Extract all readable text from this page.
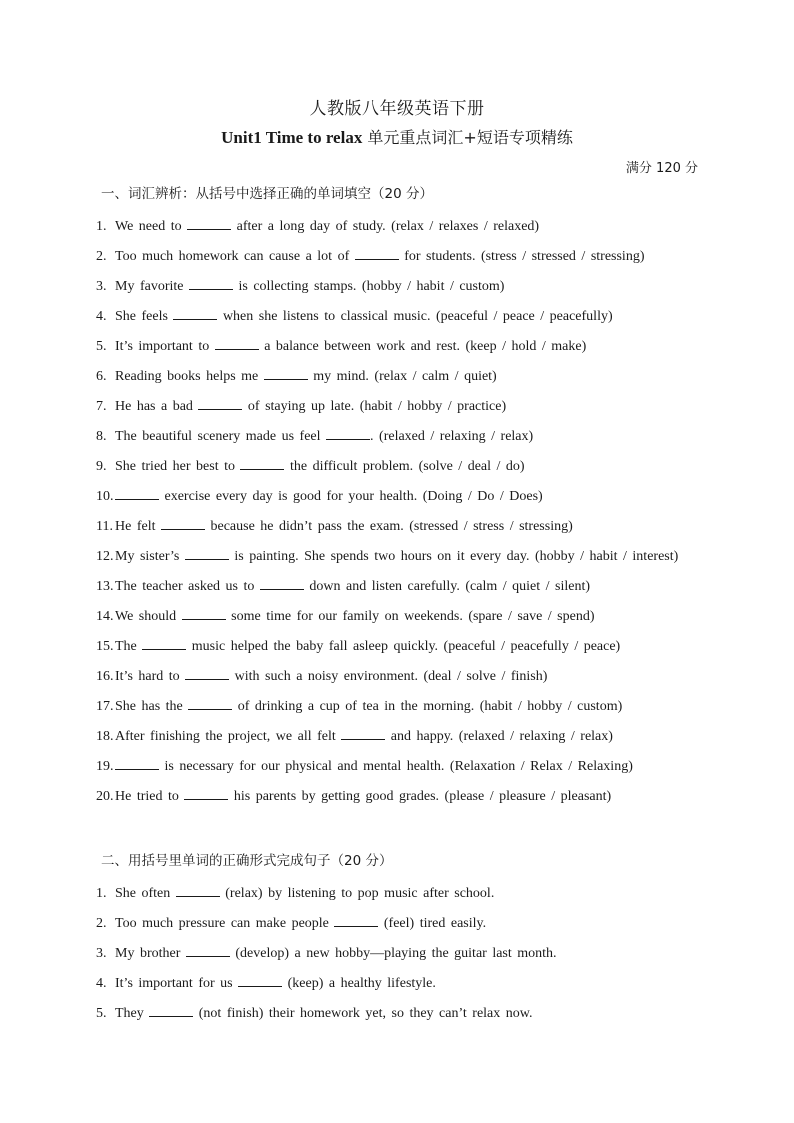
人教版八年级英语下册
Unit1 Time to relax 单元重点词汇+短语专项精练
满分 120 分
一、词汇辨析：从括号中选择正确的单词填空（20 分）
1. We need to	after a long day of study. (relax / relaxes / relaxed)
2. Too much homework can cause a lot of	for students. (stress / stressed / stressing)
3. My favorite	is collecting stamps. (hobby / habit / custom)
4. She feels	when she listens to classical music. (peaceful / peace / peacefully)
5. It’s important to	a balance between work and rest. (keep / hold / make)
6. Reading books helps me	my mind. (relax / calm / quiet)
7. He has a bad	of staying up late. (habit / hobby / practice)
8. The beautiful scenery made us feel	. (relaxed / relaxing / relax)
9. She tried her best to	the difficult problem. (solve / deal / do)
10.	exercise every day is good for your health. (Doing / Do / Does)
11. He felt	because he didn’t pass the exam. (stressed / stress / stressing)
12. My sister’s	is painting. She spends two hours on it every day. (hobby / habit / interest)
13. The teacher asked us to	down and listen carefully. (calm / quiet / silent)
14. We should	some time for our family on weekends. (spare / save / spend)
15. The	music helped the baby fall asleep quickly. (peaceful / peacefully / peace)
16. It’s hard to	with such a noisy environment. (deal / solve / finish)
17. She has the	of drinking a cup of tea in the morning. (habit / hobby / custom)
18. After finishing the project, we all felt	and happy. (relaxed / relaxing / relax)
19.	is necessary for our physical and mental health. (Relaxation / Relax / Relaxing)
20. He tried to	his parents by getting good grades. (please / pleasure / pleasant)
二、用括号里单词的正确形式完成句子（20 分）
1. She often	(relax) by listening to pop music after school.
2. Too much pressure can make people	(feel) tired easily.
3. My brother	(develop) a new hobby—playing the guitar last month.
4. It’s important for us	(keep) a healthy lifestyle.
5. They	(not finish) their homework yet, so they can’t relax now.
